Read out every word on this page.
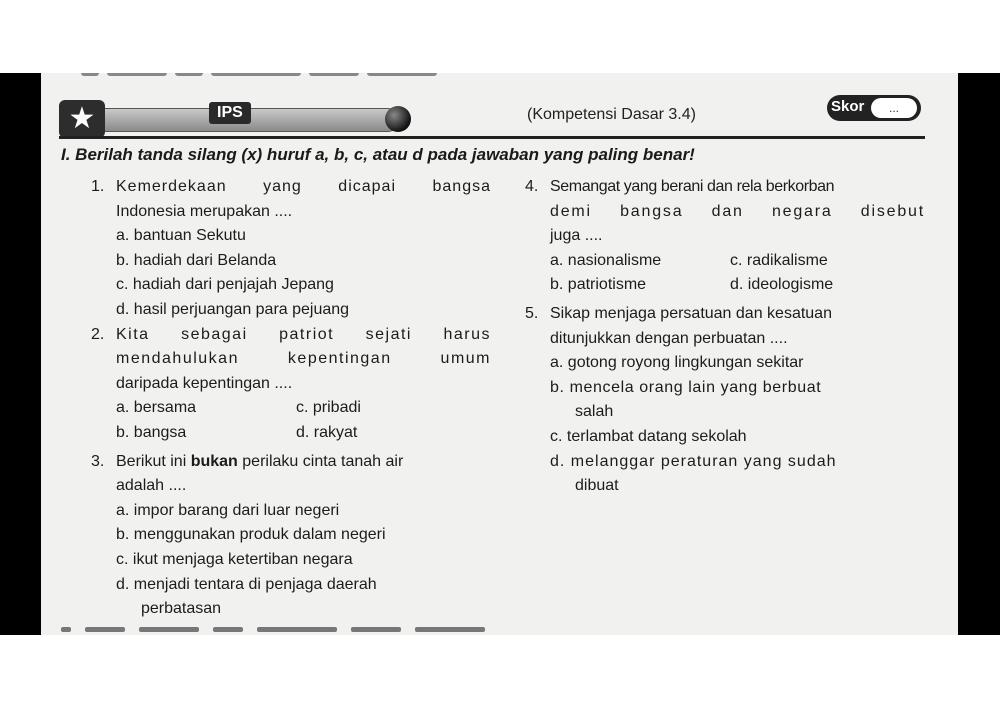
★	IPS	(Kompetensi Dasar 3.4)	Skor	...
I. Berilah tanda silang (x) huruf a, b, c, atau d pada jawaban yang paling benar!
1. Kemerdekaan yang dicapai bangsa
Indonesia merupakan ....
a. bantuan Sekutu
b. hadiah dari Belanda
c. hadiah dari penjajah Jepang
d. hasil perjuangan para pejuang
2. Kita sebagai patriot sejati harus
mendahulukan kepentingan umum
daripada kepentingan ....
a. bersama	c. pribadi
b. bangsa	d. rakyat
3. Berikut ini bukan perilaku cinta tanah air
adalah ....
a. impor barang dari luar negeri
b. menggunakan produk dalam negeri
c. ikut menjaga ketertiban negara
d. menjadi tentara di penjaga daerah
perbatasan
4. Semangat yang berani dan rela berkorban
demi bangsa dan negara disebut
juga ....
a. nasionalisme	c. radikalisme
b. patriotisme	d. ideologisme
5. Sikap menjaga persatuan dan kesatuan
ditunjukkan dengan perbuatan ....
a. gotong royong lingkungan sekitar
b. mencela orang lain yang berbuat
salah
c. terlambat datang sekolah
d. melanggar peraturan yang sudah
dibuat
